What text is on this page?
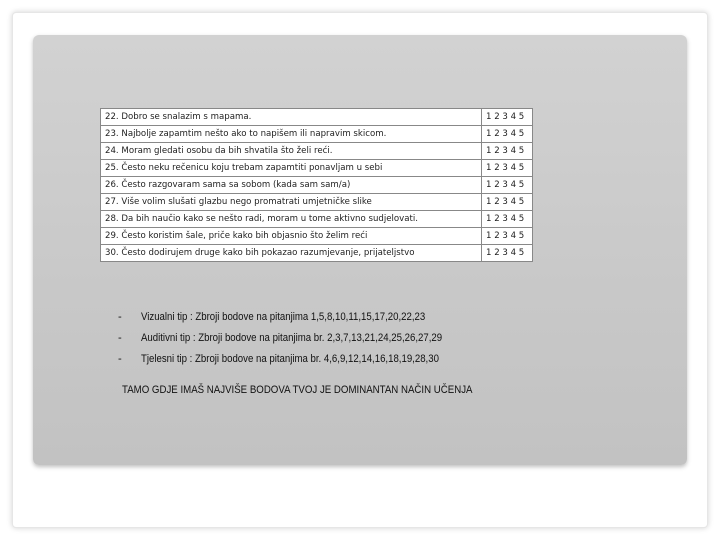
22. Dobro se snalazim s mapama.	1 2 3 4 5
23. Najbolje zapamtim nešto ako to napišem ili napravim skicom.	1 2 3 4 5
24. Moram gledati osobu da bih shvatila što želi reći.	1 2 3 4 5
25. Često neku rečenicu koju trebam zapamtiti ponavljam u sebi	1 2 3 4 5
26. Često razgovaram sama sa sobom (kada sam sam/a)	1 2 3 4 5
27. Više volim slušati glazbu nego promatrati umjetničke slike	1 2 3 4 5
28. Da bih naučio kako se nešto radi, moram u tome aktivno sudjelovati.	1 2 3 4 5
29. Često koristim šale, priče kako bih objasnio što želim reći	1 2 3 4 5
30. Često dodirujem druge kako bih pokazao razumjevanje, prijateljstvo	1 2 3 4 5
- Vizualni tip : Zbroji bodove na pitanjima 1,5,8,10,11,15,17,20,22,23
- Auditivni tip : Zbroji bodove na pitanjima br. 2,3,7,13,21,24,25,26,27,29
- Tjelesni tip : Zbroji bodove na pitanjima br. 4,6,9,12,14,16,18,19,28,30
TAMO GDJE IMAŠ NAJVIŠE BODOVA TVOJ JE DOMINANTAN NAČIN UČENJA
